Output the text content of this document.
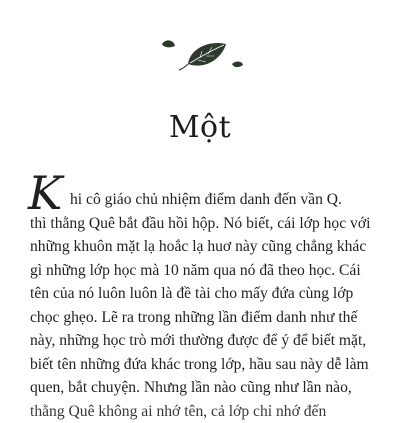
Một
K hi cô giáo chủ nhiệm điểm danh đến vần Q.
thì thằng Quê bắt đầu hồi hộp. Nó biết, cái lớp học với
những khuôn mặt lạ hoắc lạ huơ này cũng chẳng khác
gì những lớp học mà 10 năm qua nó đã theo học. Cái
tên của nó luôn luôn là đề tài cho mấy đứa cùng lớp
chọc ghẹo. Lẽ ra trong những lần điểm danh như thế
này, những học trò mới thường được để ý để biết mặt,
biết tên những đứa khác trong lớp, hầu sau này dễ làm
quen, bắt chuyện. Nhưng lần nào cũng như lần nào,
thằng Quê không ai nhớ tên, cả lớp chỉ nhớ đến
